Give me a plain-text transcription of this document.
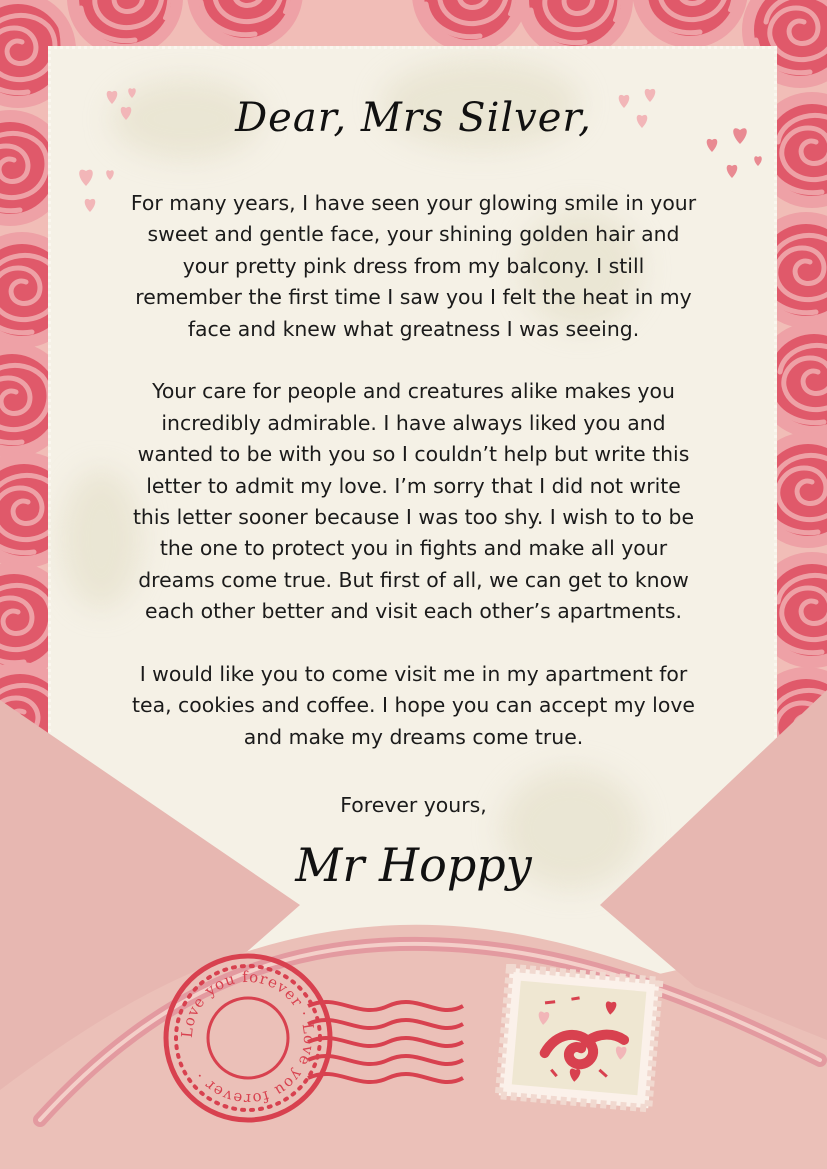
Dear, Mrs Silver,

For many years, I have seen your glowing smile in your sweet and gentle face, your shining golden hair and your pretty pink dress from my balcony. I still remember the first time I saw you I felt the heat in my face and knew what greatness I was seeing.

Your care for people and creatures alike makes you incredibly admirable. I have always liked you and wanted to be with you so I couldn’t help but write this letter to admit my love. I’m sorry that I did not write this letter sooner because I was too shy. I wish to to be the one to protect you in fights and make all your dreams come true. But first of all, we can get to know each other better and visit each other’s apartments.

I would like you to come visit me in my apartment for tea, cookies and coffee. I hope you can accept my love and make my dreams come true.

Forever yours,
Mr Hoppy
Love you forever · Love you forever ·
